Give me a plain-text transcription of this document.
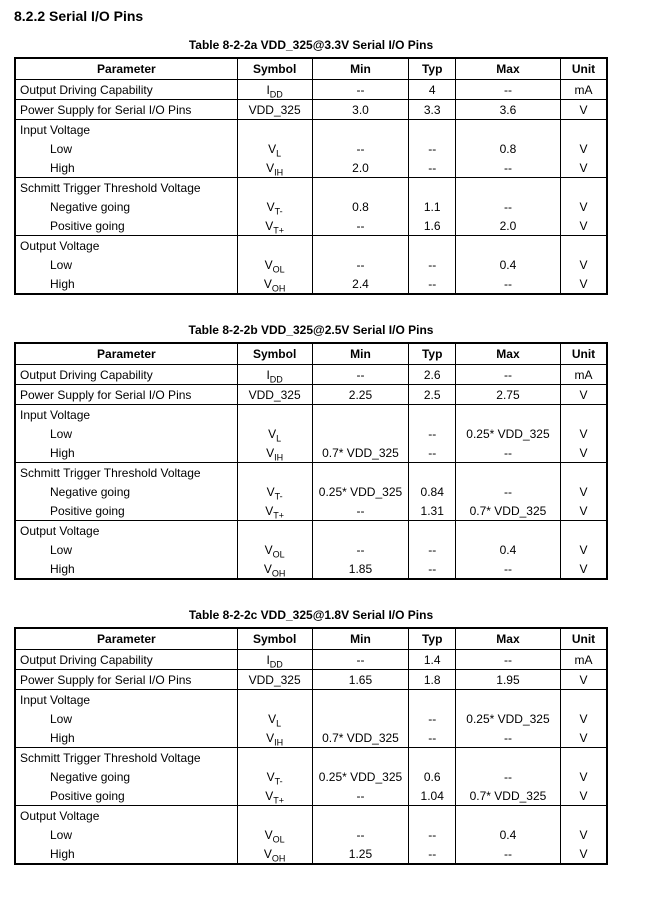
8.2.2 Serial I/O Pins
Table 8-2-2a VDD_325@3.3V Serial I/O Pins
Parameter	Symbol	Min	Typ	Max	Unit
Output Driving Capability	$I_{DD}$	--	4	--	mA
Power Supply for Serial I/O Pins	VDD_325	3.0	3.3	3.6	V
Input Voltage					
Low	$V_L$	--	--	0.8	V
High	$V_{IH}$	2.0	--	--	V
Schmitt Trigger Threshold Voltage					
Negative going	$V_{T-}$	0.8	1.1	--	V
Positive going	$V_{T+}$	--	1.6	2.0	V
Output Voltage					
Low	$V_{OL}$	--	--	0.4	V
High	$V_{OH}$	2.4	--	--	V
Table 8-2-2b VDD_325@2.5V Serial I/O Pins
Parameter	Symbol	Min	Typ	Max	Unit
Output Driving Capability	$I_{DD}$	--	2.6	--	mA
Power Supply for Serial I/O Pins	VDD_325	2.25	2.5	2.75	V
Input Voltage					
Low	$V_L$		--	0.25* VDD_325	V
High	$V_{IH}$	0.7* VDD_325	--	--	V
Schmitt Trigger Threshold Voltage					
Negative going	$V_{T-}$	0.25* VDD_325	0.84	--	V
Positive going	$V_{T+}$	--	1.31	0.7* VDD_325	V
Output Voltage					
Low	$V_{OL}$	--	--	0.4	V
High	$V_{OH}$	1.85	--	--	V
Table 8-2-2c VDD_325@1.8V Serial I/O Pins
Parameter	Symbol	Min	Typ	Max	Unit
Output Driving Capability	$I_{DD}$	--	1.4	--	mA
Power Supply for Serial I/O Pins	VDD_325	1.65	1.8	1.95	V
Input Voltage					
Low	$V_L$		--	0.25* VDD_325	V
High	$V_{IH}$	0.7* VDD_325	--	--	V
Schmitt Trigger Threshold Voltage					
Negative going	$V_{T-}$	0.25* VDD_325	0.6	--	V
Positive going	$V_{T+}$	--	1.04	0.7* VDD_325	V
Output Voltage					
Low	$V_{OL}$	--	--	0.4	V
High	$V_{OH}$	1.25	--	--	V
